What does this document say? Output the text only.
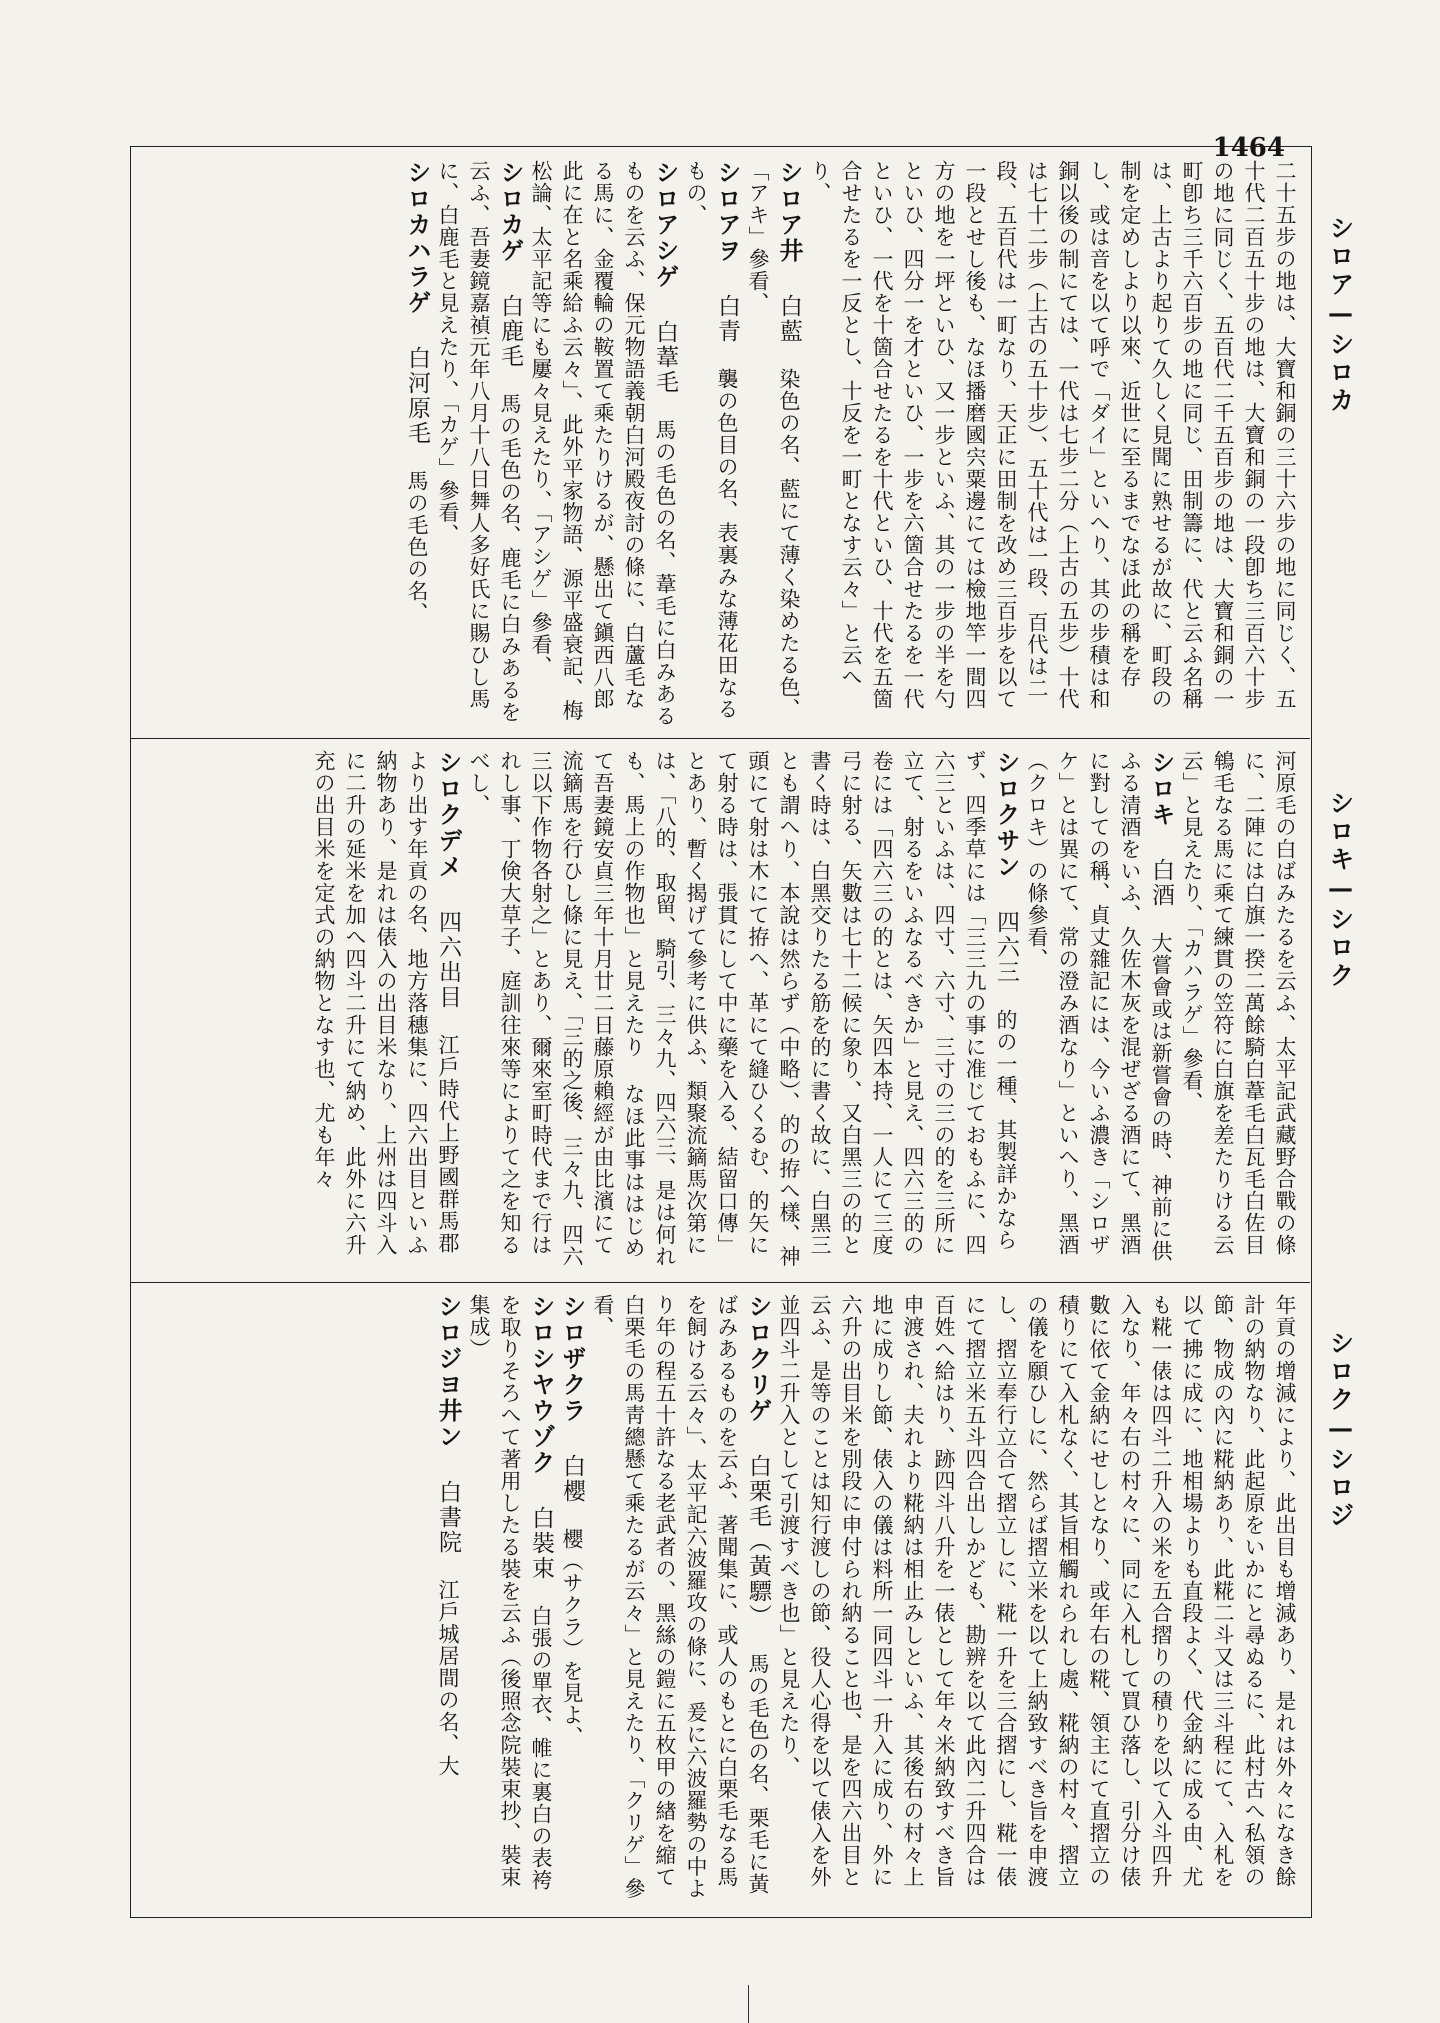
1464
シロア—シロカ
シロキ—シロク
シロク—シロジ

二十五步の地は、大寶和銅の三十六步の地に同じく、五十代二百五十步の地は、大寶和銅の一段卽ち三百六十步の地に同じく、五百代二千五百步の地は、大寶和銅の一町卽ち三千六百步の地に同じ、田制籌に、代と云ふ名稱は、上古より起りて久しく見聞に熟せるが故に、町段の制を定めしより以來、近世に至るまでなほ此の稱を存し、或は音を以て呼で「ダイ」といへり、其の步積は和銅以後の制にては、一代は七步二分（上古の五步）十代は七十二步（上古の五十步）、五十代は一段、百代は二段、五百代は一町なり、天正に田制を改め三百步を以て一段とせし後も、なほ播磨國宍粟邊にては檢地竿一間四方の地を一坪といひ、又一步といふ、其の一步の半を勺といひ、四分一を才といひ、一步を六箇合せたるを一代といひ、一代を十箇合せたるを十代といひ、十代を五箇合せたるを一反とし、十反を一町となす云々」と云へり、

シロア井白藍染色の名、藍にて薄く染めたる色、「アキ」參看、

シロアヲ白青襲の色目の名、表裏みな薄花田なるもの、

シロアシゲ白葦毛馬の毛色の名、葦毛に白みあるものを云ふ、保元物語義朝白河殿夜討の條に、白蘆毛なる馬に、金覆輪の鞍置て乘たりけるが、懸出て鎭西八郎此に在と名乘給ふ云々」、此外平家物語、源平盛衰記、梅松論、太平記等にも屢々見えたり、「アシゲ」參看、

シロカゲ白鹿毛馬の毛色の名、鹿毛に白みあるを云ふ、吾妻鏡嘉禎元年八月十八日舞人多好氏に賜ひし馬に、白鹿毛と見えたり、「カゲ」參看、

シロカハラゲ白河原毛馬の毛色の名、

河原毛の白ばみたるを云ふ、太平記武藏野合戰の條に、二陣には白旗一揆二萬餘騎白葦毛白瓦毛白佐目鴾毛なる馬に乘て練貫の笠符に白旗を差たりける云云」と見えたり、「カハラゲ」參看、

シロキ白酒大嘗會或は新嘗會の時、神前に供ふる清酒をいふ、久佐木灰を混ぜざる酒にて、黑酒に對しての稱、貞丈雜記には、今いふ濃き「シロザケ」とは異にて、常の澄み酒なり」といへり、黑酒（クロキ）の條參看、

シロクサン四六三的の一種、其製詳かならず、四季草には「三三九の事に准じておもふに、四六三といふは、四寸、六寸、三寸の三の的を三所に立て、射るをいふなるべきか」と見え、四六三的の卷には「四六三の的とは、矢四本持、一人にて三度弓に射る、矢數は七十二候に象り、又白黑三の的と書く時は、白黑交りたる筋を的に書く故に、白黑三とも謂へり、本說は然らず（中略）、的の拵へ樣、神頭にて射は木にて拵へ、革にて縫ひくるむ、的矢にて射る時は、張貫にして中に藥を入る、結留口傳」とあり、暫く揭げて參考に供ふ、類聚流鏑馬次第には、「八的、取留、騎引、三々九、四六三、是は何れも、馬上の作物也」と見えたり なほ此事ははじめて吾妻鏡安貞三年十月廿二日藤原賴經が由比濱にて流鏑馬を行ひし條に見え、「三的之後、三々九、四六三以下作物各射之」とあり、爾來室町時代まで行はれし事、丁倹大草子、庭訓往來等によりて之を知るべし、

シロクデメ四六出目江戶時代上野國群馬郡より出す年貢の名、地方落穗集に、四六出目といふ納物あり、是れは俵入の出目米なり、上州は四斗入に二升の延米を加へ四斗二升にて納め、此外に六升充の出目米を定式の納物となす也、尤も年々

年貢の增減により、此出目も增減あり、是れは外々になき餘計の納物なり、此起原をいかにと尋ぬるに、此村古へ私領の節、物成の內に糀納あり、此糀二斗又は三斗程にて、入札を以て拂に成に、地相場よりも直段よく、代金納に成る由、尤も糀一俵は四斗二升入の米を五合摺りの積りを以て入斗四升入なり、年々右の村々に、同に入札して買ひ落し、引分け俵數に依て金納にせしとなり、或年右の糀、領主にて直摺立の積りにて入札なく、其旨相觸れられし處、糀納の村々、摺立の儀を願ひしに、然らば摺立米を以て上納致すべき旨を申渡し、摺立奉行立合て摺立しに、糀一升を三合摺にし、糀一俵にて摺立米五斗四合出しかども、勘辨を以て此內二升四合は百姓へ給はり、跡四斗八升を一俵として年々米納致すべき旨申渡され、夫れより糀納は相止みしといふ、其後右の村々上地に成りし節、俵入の儀は料所一同四斗一升入に成り、外に六升の出目米を別段に申付られ納ること也、是を四六出目と云ふ、是等のことは知行渡しの節、役人心得を以て俵入を外並四斗二升入として引渡すべき也」と見えたり、

シロクリゲ白栗毛（黃驃）馬の毛色の名、栗毛に黃ばみあるものを云ふ、著聞集に、或人のもとに白栗毛なる馬を飼ける云々」、太平記六波羅攻の條に、爰に六波羅勢の中より年の程五十許なる老武者の、黑絲の鎧に五枚甲の緖を縮て白栗毛の馬靑總懸て乘たるが云々」と見えたり、「クリゲ」參看、

シロザクラ白櫻櫻（サクラ）を見よ、

シロシヤウゾク白裝束白張の單衣、帷に裏白の表袴を取りそろへて著用したる裝を云ふ（後照念院裝束抄、裝束集成）

シロジヨ井ン白書院江戶城居間の名、大
